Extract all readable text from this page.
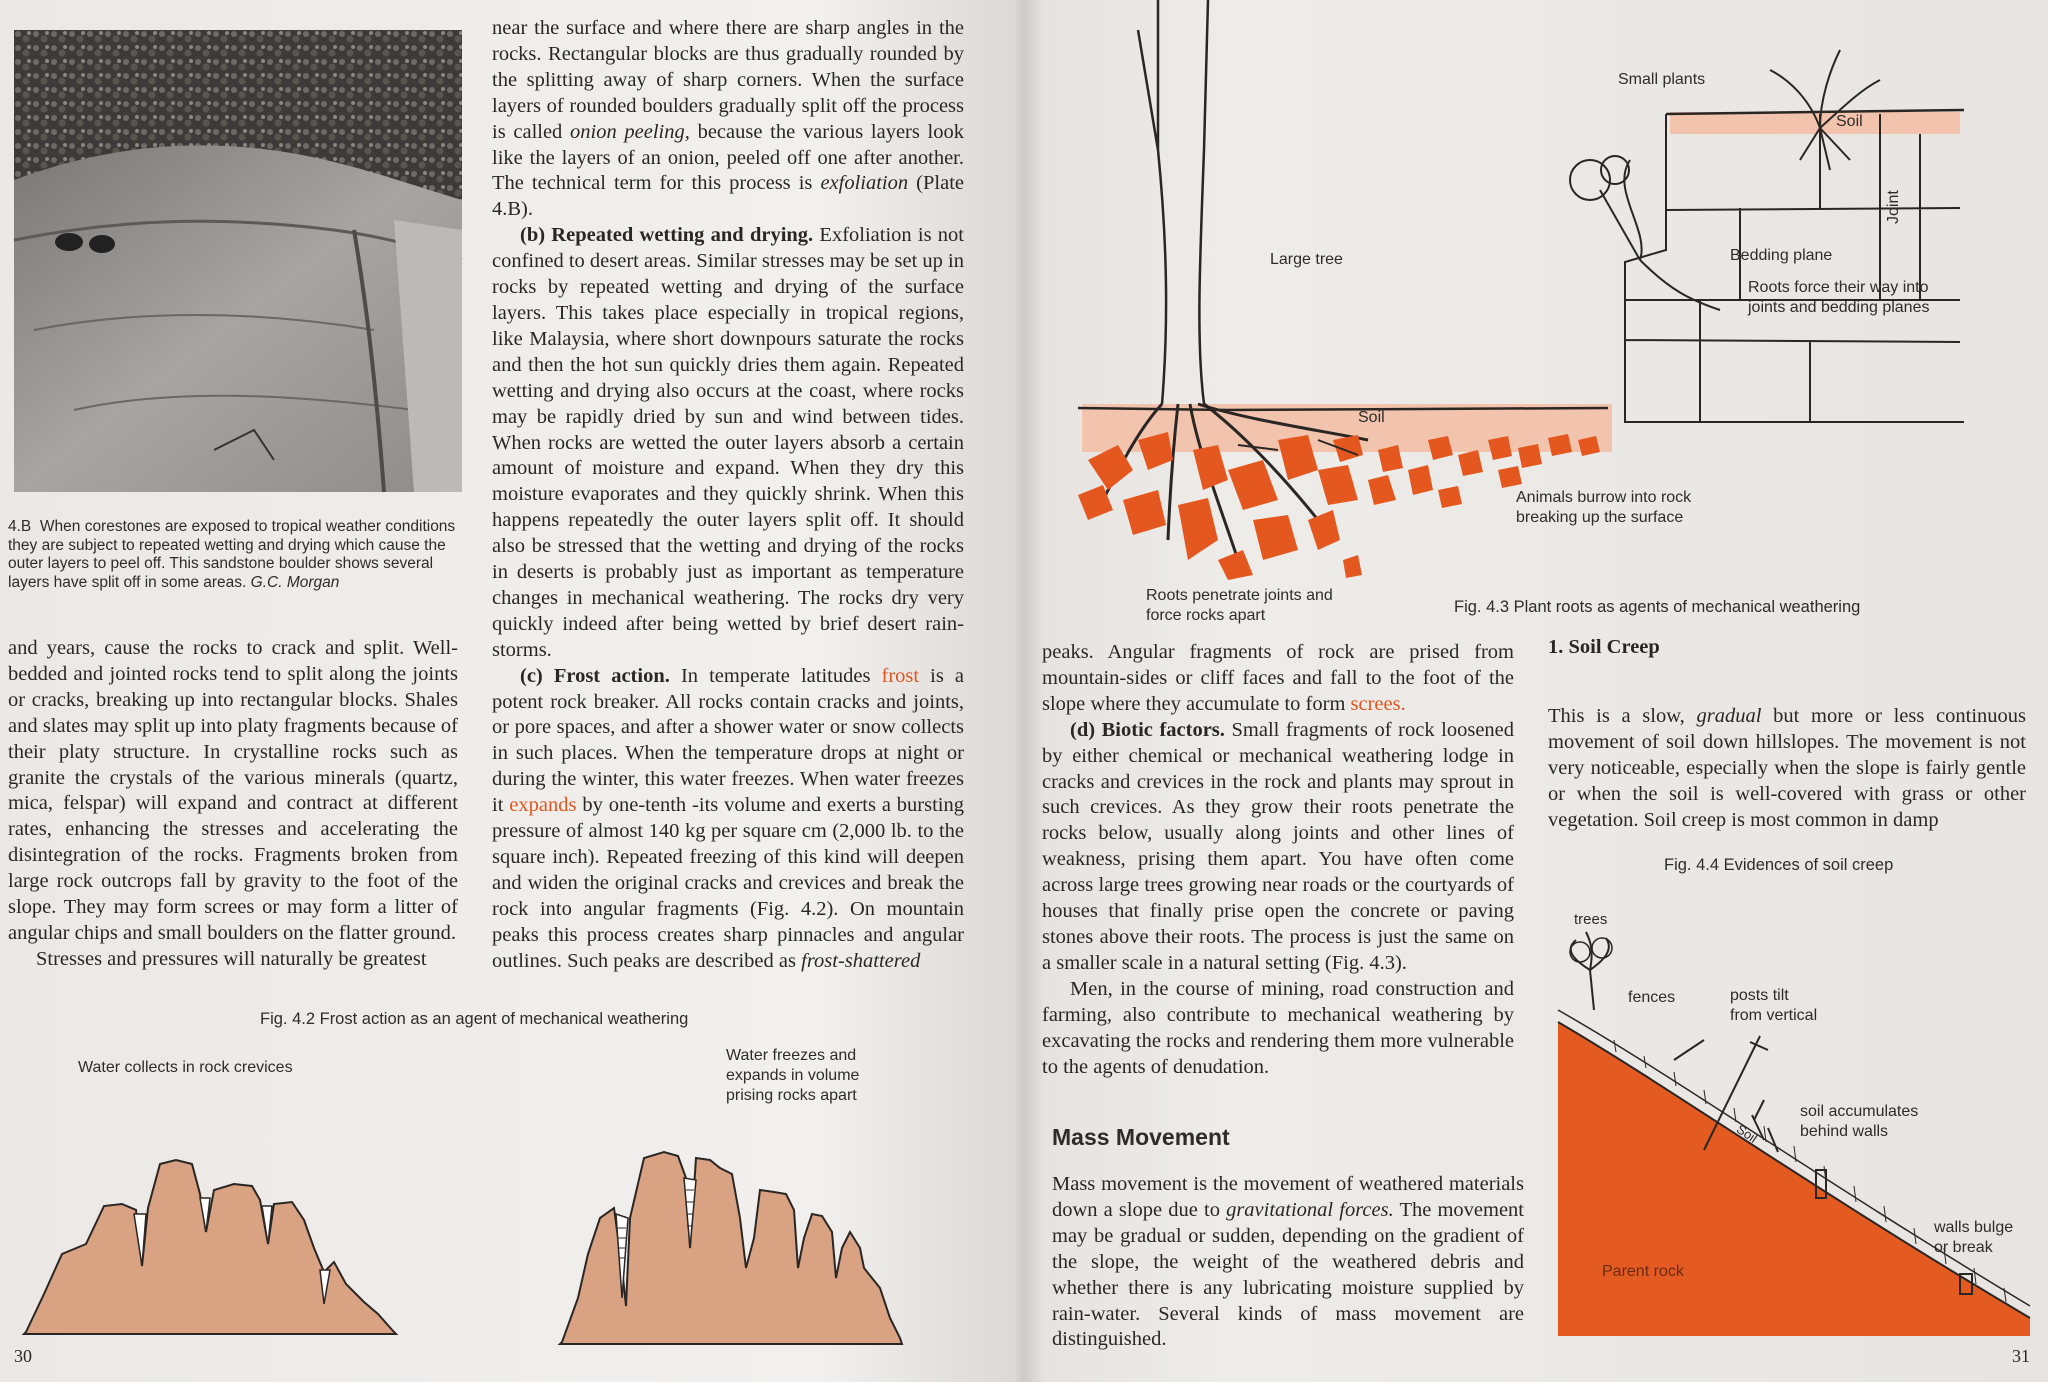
4.B When corestones are exposed to tropical weather conditions they are subject to repeated wetting and drying which cause the outer layers to peel off. This sandstone boulder shows several layers have split off in some areas. G.C. Morgan

and years, cause the rocks to crack and split. Well-bedded and jointed rocks tend to split along the joints or cracks, breaking up into rectangular blocks. Shales and slates may split up into platy fragments because of their platy structure. In crystalline rocks such as granite the crystals of the various minerals (quartz, mica, felspar) will expand and contract at different rates, enhancing the stresses and accelerating the disintegration of the rocks. Fragments broken from large rock outcrops fall by gravity to the foot of the slope. They may form screes or may form a litter of angular chips and small boulders on the flatter ground.

Stresses and pressures will naturally be greatest

near the surface and where there are sharp angles in the rocks. Rectangular blocks are thus gradually rounded by the splitting away of sharp corners. When the surface layers of rounded boulders gradually split off the process is called onion peeling, because the various layers look like the layers of an onion, peeled off one after another. The technical term for this process is exfoliation (Plate 4.B).

(b) Repeated wetting and drying. Exfoliation is not confined to desert areas. Similar stresses may be set up in rocks by repeated wetting and drying of the surface layers. This takes place especially in tropical regions, like Malaysia, where short downpours saturate the rocks and then the hot sun quickly dries them again. Repeated wetting and drying also occurs at the coast, where rocks may be rapidly dried by sun and wind between tides. When rocks are wetted the outer layers absorb a certain amount of moisture and expand. When they dry this moisture evaporates and they quickly shrink. When this happens repeatedly the outer layers split off. It should also be stressed that the wetting and drying of the rocks in deserts is probably just as important as temperature changes in mechanical weathering. The rocks dry very quickly indeed after being wetted by brief desert rain-storms.

(c) Frost action. In temperate latitudes frost is a potent rock breaker. All rocks contain cracks and joints, or pore spaces, and after a shower water or snow collects in such places. When the temperature drops at night or during the winter, this water freezes. When water freezes it expands by one-tenth -its volume and exerts a bursting pressure of almost 140 kg per square cm (2,000 lb. to the square inch). Repeated freezing of this kind will deepen and widen the original cracks and crevices and break the rock into angular fragments (Fig. 4.2). On mountain peaks this process creates sharp pinnacles and angular outlines. Such peaks are described as frost-shattered

Fig. 4.2 Frost action as an agent of mechanical weathering
Water collects in rock crevices
Water freezes and
expands in volume
prising rocks apart
30
Large tree
Soil
Small plants
Soil
Bedding plane
Joint
Roots force their way into
joints and bedding planes
Animals burrow into rock
breaking up the surface
Roots penetrate joints and
force rocks apart	Fig. 4.3 Plant roots as agents of mechanical weathering

peaks. Angular fragments of rock are prised from mountain-sides or cliff faces and fall to the foot of the slope where they accumulate to form screes.

(d) Biotic factors. Small fragments of rock loosened by either chemical or mechanical weathering lodge in cracks and crevices in the rock and plants may sprout in such crevices. As they grow their roots penetrate the rocks below, usually along joints and other lines of weakness, prising them apart. You have often come across large trees growing near roads or the courtyards of houses that finally prise open the concrete or paving stones above their roots. The process is just the same on a smaller scale in a natural setting (Fig. 4.3).

Men, in the course of mining, road construction and farming, also contribute to mechanical weathering by excavating the rocks and rendering them more vulnerable to the agents of denudation.

Mass Movement

Mass movement is the movement of weathered materials down a slope due to gravitational forces. The movement may be gradual or sudden, depending on the gradient of the slope, the weight of the weathered debris and whether there is any lubricating moisture supplied by rain-water. Several kinds of mass movement are distinguished.

1. Soil Creep

This is a slow, gradual but more or less continuous movement of soil down hillslopes. The movement is not very noticeable, especially when the slope is fairly gentle or when the soil is well-covered with grass or other vegetation. Soil creep is most common in damp

Fig. 4.4 Evidences of soil creep
trees
fences	posts tilt
from vertical
soil accumulates
behind walls
walls bulge
or break
Soil
Parent rock
31
